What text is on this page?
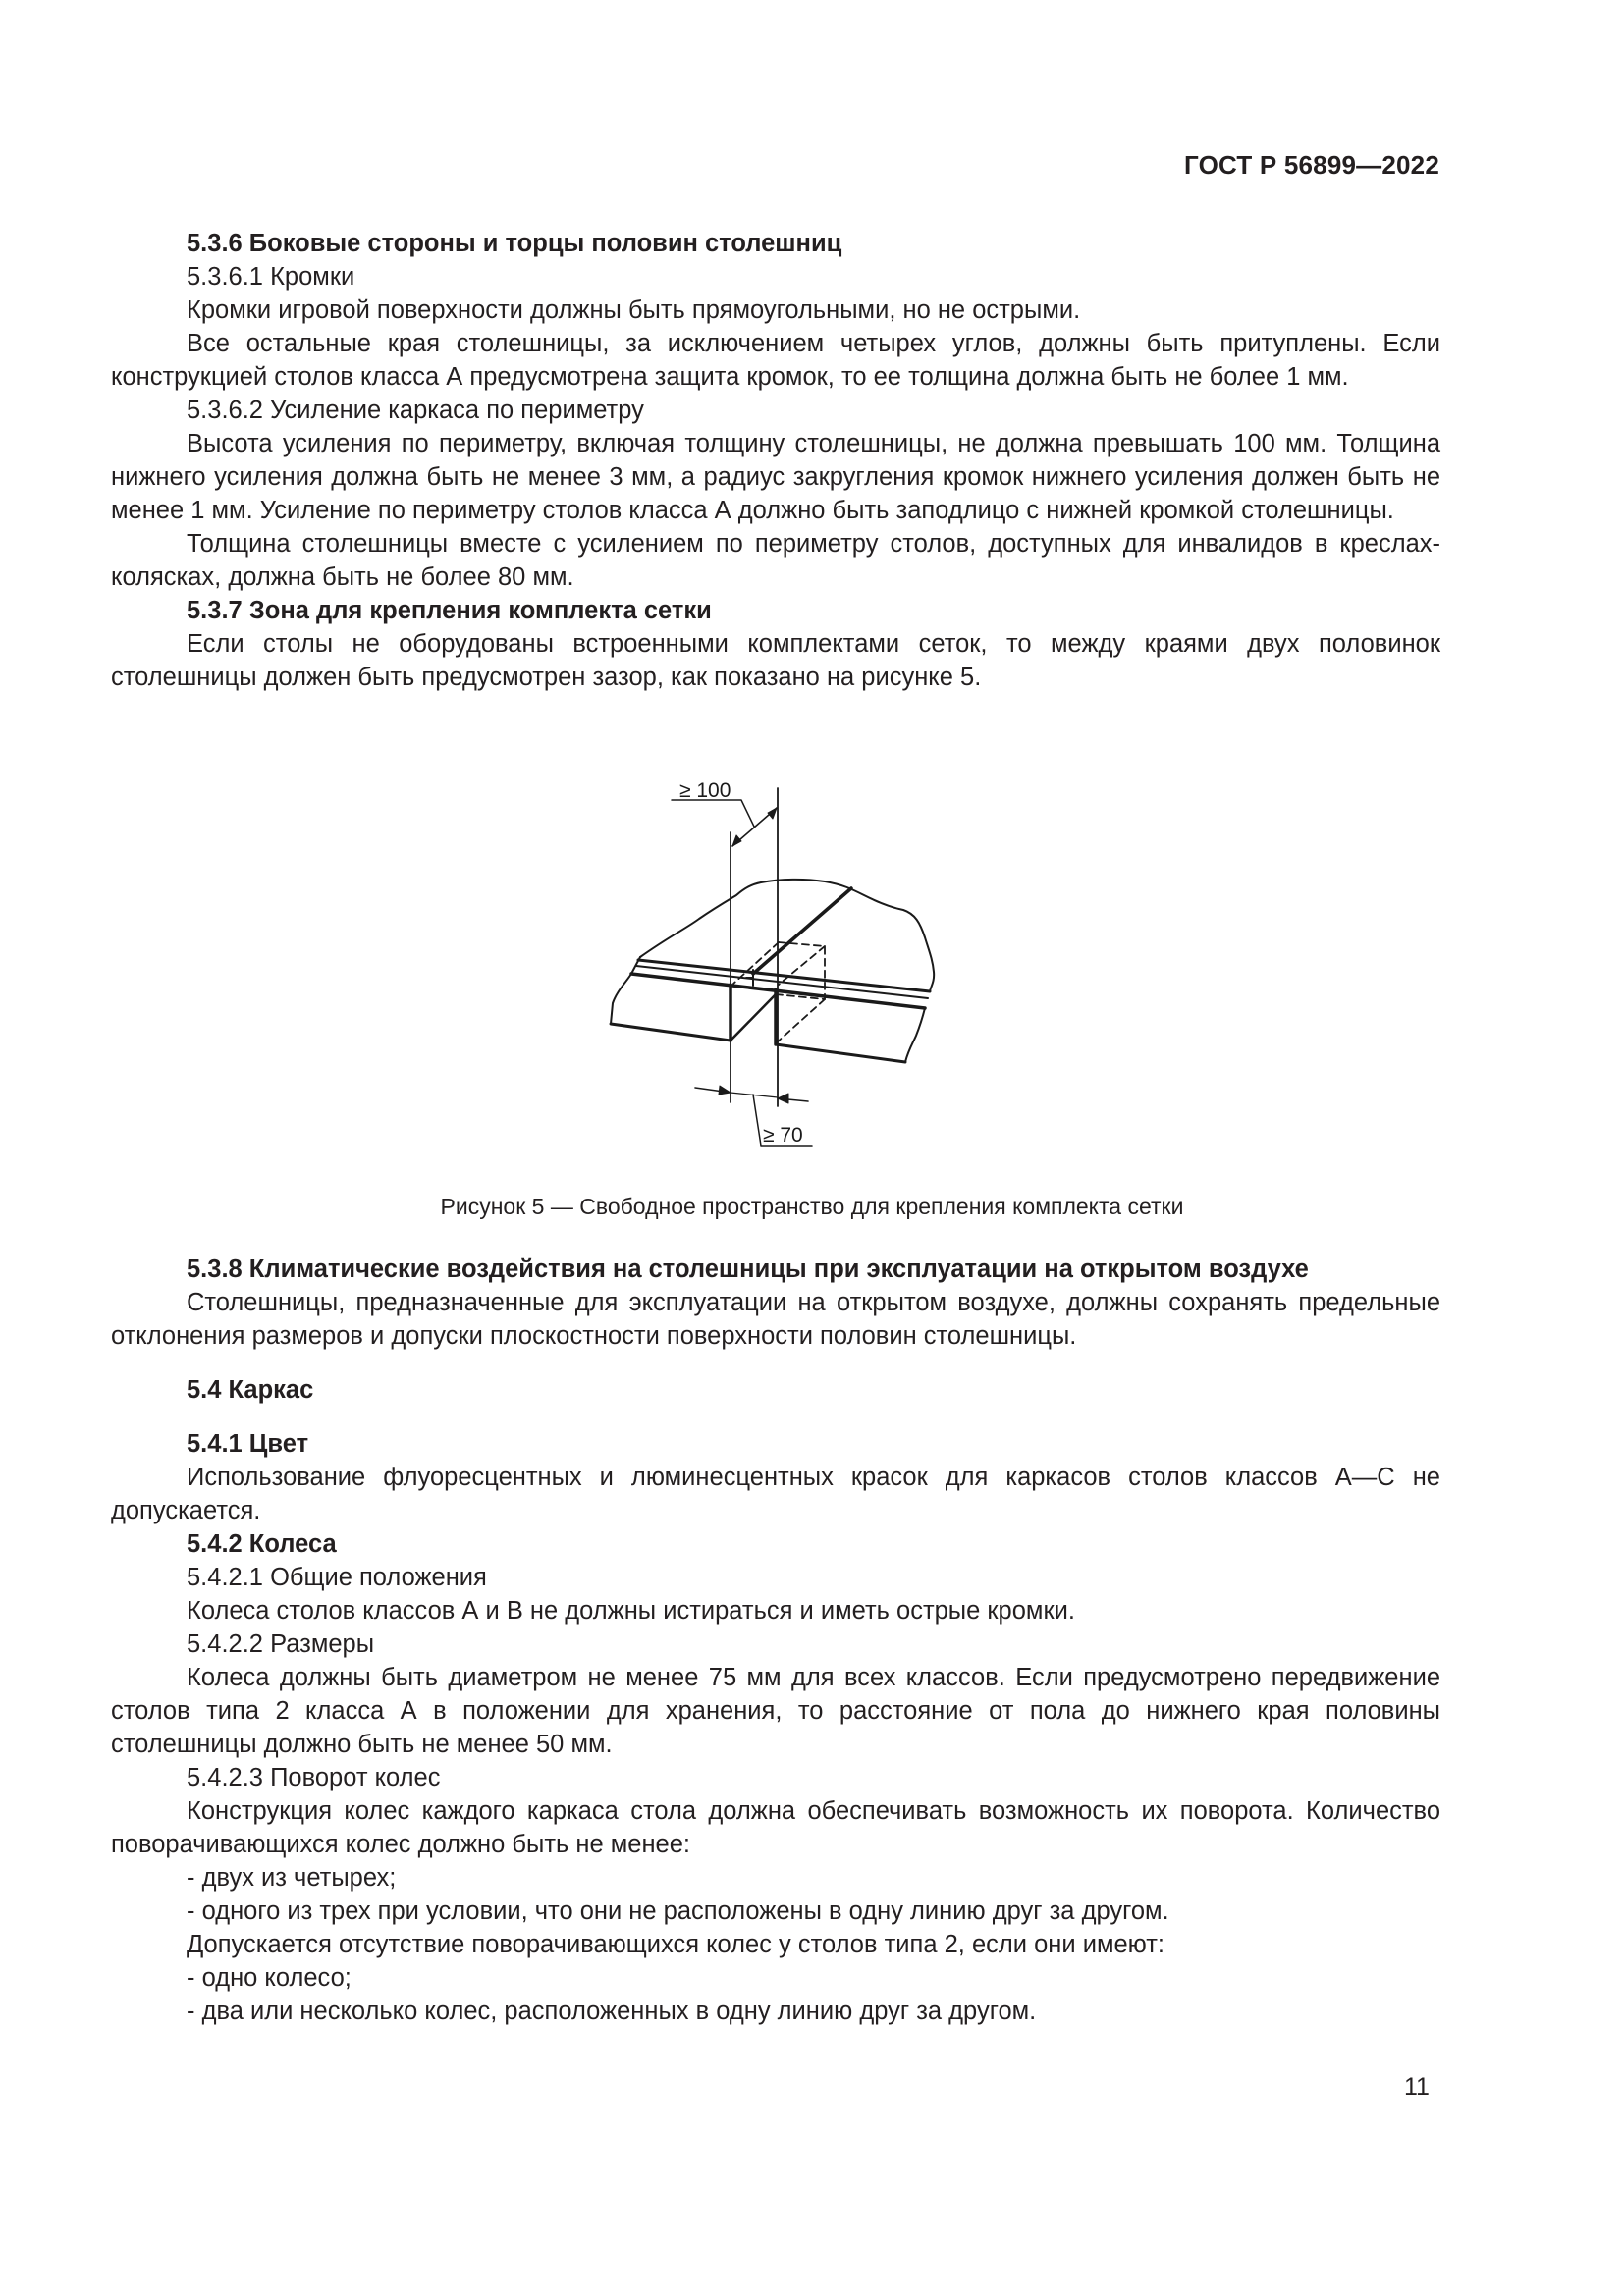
ГОСТ Р 56899—2022

5.3.6 Боковые стороны и торцы половин столешниц

5.3.6.1 Кромки

Кромки игровой поверхности должны быть прямоугольными, но не острыми.

Все остальные края столешницы, за исключением четырех углов, должны быть притуплены. Если конструкцией столов класса А предусмотрена защита кромок, то ее толщина должна быть не более 1 мм.

5.3.6.2 Усиление каркаса по периметру

Высота усиления по периметру, включая толщину столешницы, не должна превышать 100 мм. Толщина нижнего усиления должна быть не менее 3 мм, а радиус закругления кромок нижнего усиления должен быть не менее 1 мм. Усиление по периметру столов класса А должно быть заподлицо с нижней кромкой столешницы.

Толщина столешницы вместе с усилением по периметру столов, доступных для инвалидов в креслах-колясках, должна быть не более 80 мм.

5.3.7 Зона для крепления комплекта сетки

Если столы не оборудованы встроенными комплектами сеток, то между краями двух половинок столешницы должен быть предусмотрен зазор, как показано на рисунке 5.

≥ 100
≥ 70
Рисунок 5 — Свободное пространство для крепления комплекта сетки

5.3.8 Климатические воздействия на столешницы при эксплуатации на открытом воздухе

Столешницы, предназначенные для эксплуатации на открытом воздухе, должны сохранять предельные отклонения размеров и допуски плоскостности поверхности половин столешницы.

5.4 Каркас

5.4.1 Цвет

Использование флуоресцентных и люминесцентных красок для каркасов столов классов А—С не допускается.

5.4.2 Колеса

5.4.2.1 Общие положения

Колеса столов классов А и В не должны истираться и иметь острые кромки.

5.4.2.2 Размеры

Колеса должны быть диаметром не менее 75 мм для всех классов. Если предусмотрено передвижение столов типа 2 класса А в положении для хранения, то расстояние от пола до нижнего края половины столешницы должно быть не менее 50 мм.

5.4.2.3 Поворот колес

Конструкция колес каждого каркаса стола должна обеспечивать возможность их поворота. Количество поворачивающихся колес должно быть не менее:

- двух из четырех;

- одного из трех при условии, что они не расположены в одну линию друг за другом.

Допускается отсутствие поворачивающихся колес у столов типа 2, если они имеют:

- одно колесо;

- два или несколько колес, расположенных в одну линию друг за другом.

11
